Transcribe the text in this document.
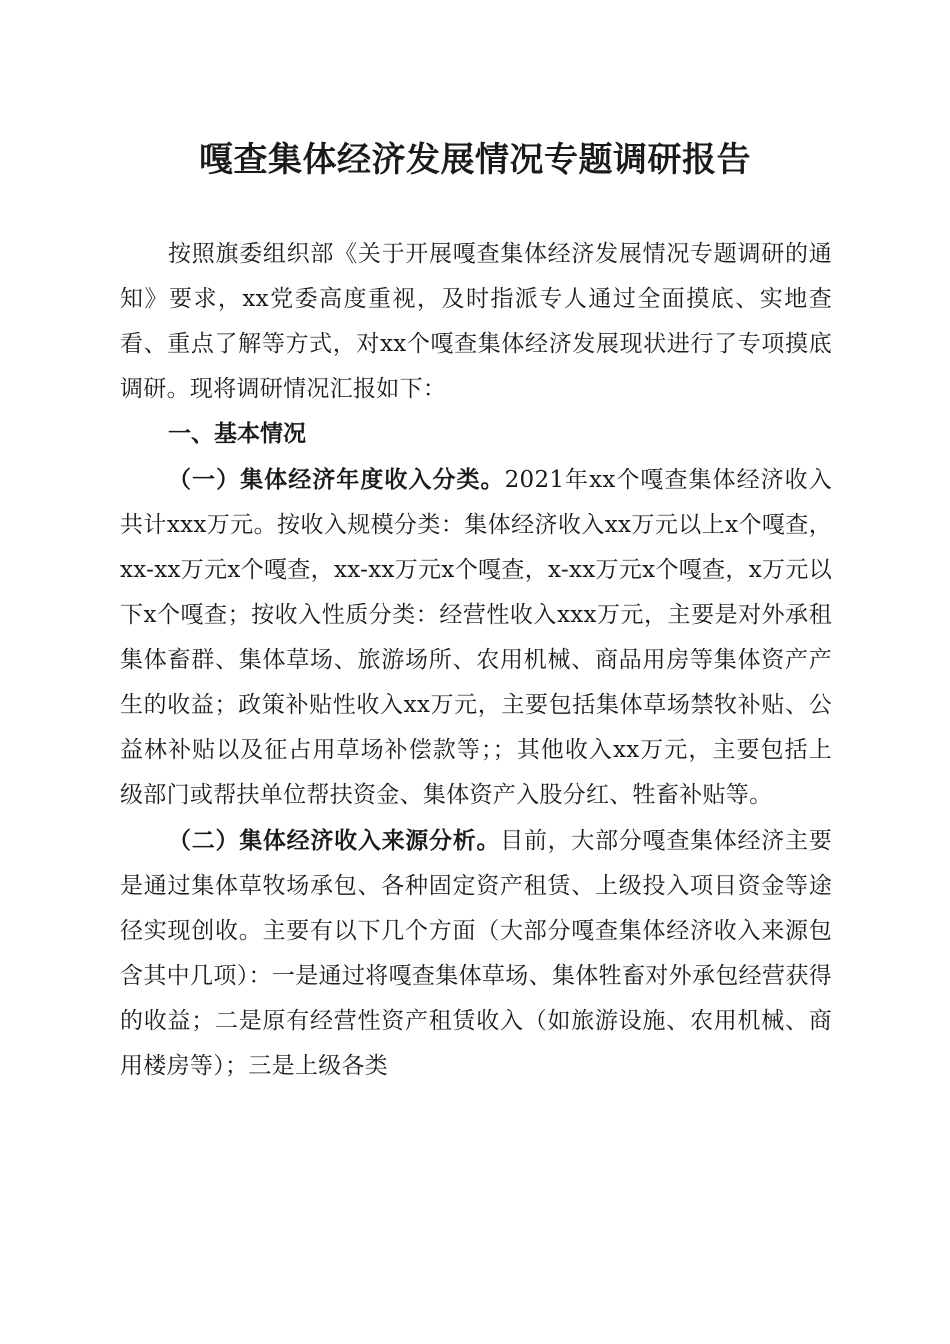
嘎查集体经济发展情况专题调研报告

按照旗委组织部《关于开展嘎查集体经济发展情况专题调研的通知》要求，xx党委高度重视，及时指派专人通过全面摸底、实地查看、重点了解等方式，对xx个嘎查集体经济发展现状进行了专项摸底调研。现将调研情况汇报如下：

一、基本情况

（一）集体经济年度收入分类。2021年xx个嘎查集体经济收入共计xxx万元。按收入规模分类：集体经济收入xx万元以上x个嘎查，xx-xx万元x个嘎查，xx-xx万元x个嘎查，x-xx万元x个嘎查，x万元以下x个嘎查；按收入性质分类：经营性收入xxx万元，主要是对外承租集体畜群、集体草场、旅游场所、农用机械、商品用房等集体资产产生的收益；政策补贴性收入xx万元，主要包括集体草场禁牧补贴、公益林补贴以及征占用草场补偿款等；；其他收入xx万元，主要包括上级部门或帮扶单位帮扶资金、集体资产入股分红、牲畜补贴等。

（二）集体经济收入来源分析。目前，大部分嘎查集体经济主要是通过集体草牧场承包、各种固定资产租赁、上级投入项目资金等途径实现创收。主要有以下几个方面（大部分嘎查集体经济收入来源包含其中几项）：一是通过将嘎查集体草场、集体牲畜对外承包经营获得的收益；二是原有经营性资产租赁收入（如旅游设施、农用机械、商用楼房等）；三是上级各类
